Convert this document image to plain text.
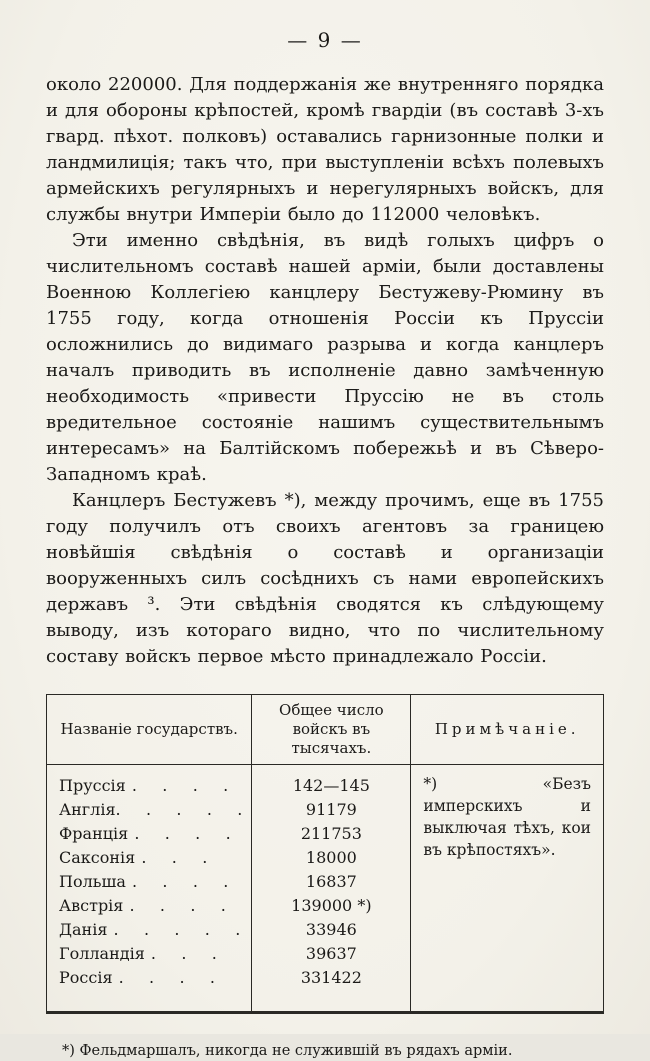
— 9 —

около 220000. Для поддержанія же внутренняго порядка и для обороны крѣпостей, кромѣ гвардіи (въ составѣ 3-хъ гвард. пѣхот. полковъ) оставались гарнизонные полки и ландмилиція; такъ что, при выступленіи всѣхъ полевыхъ армейскихъ регулярныхъ и нерегулярныхъ войскъ, для службы внутри Имперіи было до 112000 человѣкъ.

Эти именно свѣдѣнія, въ видѣ голыхъ цифръ о числительномъ составѣ нашей арміи, были доставлены Военною Коллегіею канцлеру Бестужеву-Рюмину въ 1755 году, когда отношенія Россіи къ Пруссіи осложнились до видимаго разрыва и когда канцлеръ началъ приводить въ исполненіе давно замѣченную необходимость «привести Пруссію не въ столь вредительное состояніе нашимъ существительнымъ интересамъ» на Балтійскомъ побережьѣ и въ Сѣверо-Западномъ краѣ.

Канцлеръ Бестужевъ *), между прочимъ, еще въ 1755 году получилъ отъ своихъ агентовъ за границею новѣйшія свѣдѣнія о составѣ и организаціи вооруженныхъ силъ сосѣднихъ съ нами европейскихъ державъ ³. Эти свѣдѣнія сводятся къ слѣдующему выводу, изъ котораго видно, что по числительному составу войскъ первое мѣсто принадлежало Россіи.

Названіе государствъ.	Общее число войскъ въ тысячахъ.	Примѣчаніе.
Пруссія .    .    .    .	142—145	*) «Безъ имперскихъ и выключая тѣхъ, кои въ крѣпостяхъ».
Англія.    .    .    .    .	91179	
Франція .    .    .    .	211753	
Саксонія .    .    .	18000	
Польша .    .    .    .	16837	
Австрія .    .    .    .	139000 *)	
Данія .    .    .    .    .	33946	
Голландія .    .    .	39637	
Россія .    .    .    .	331422	
*) Фельдмаршалъ, никогда не служившій въ рядахъ арміи.
